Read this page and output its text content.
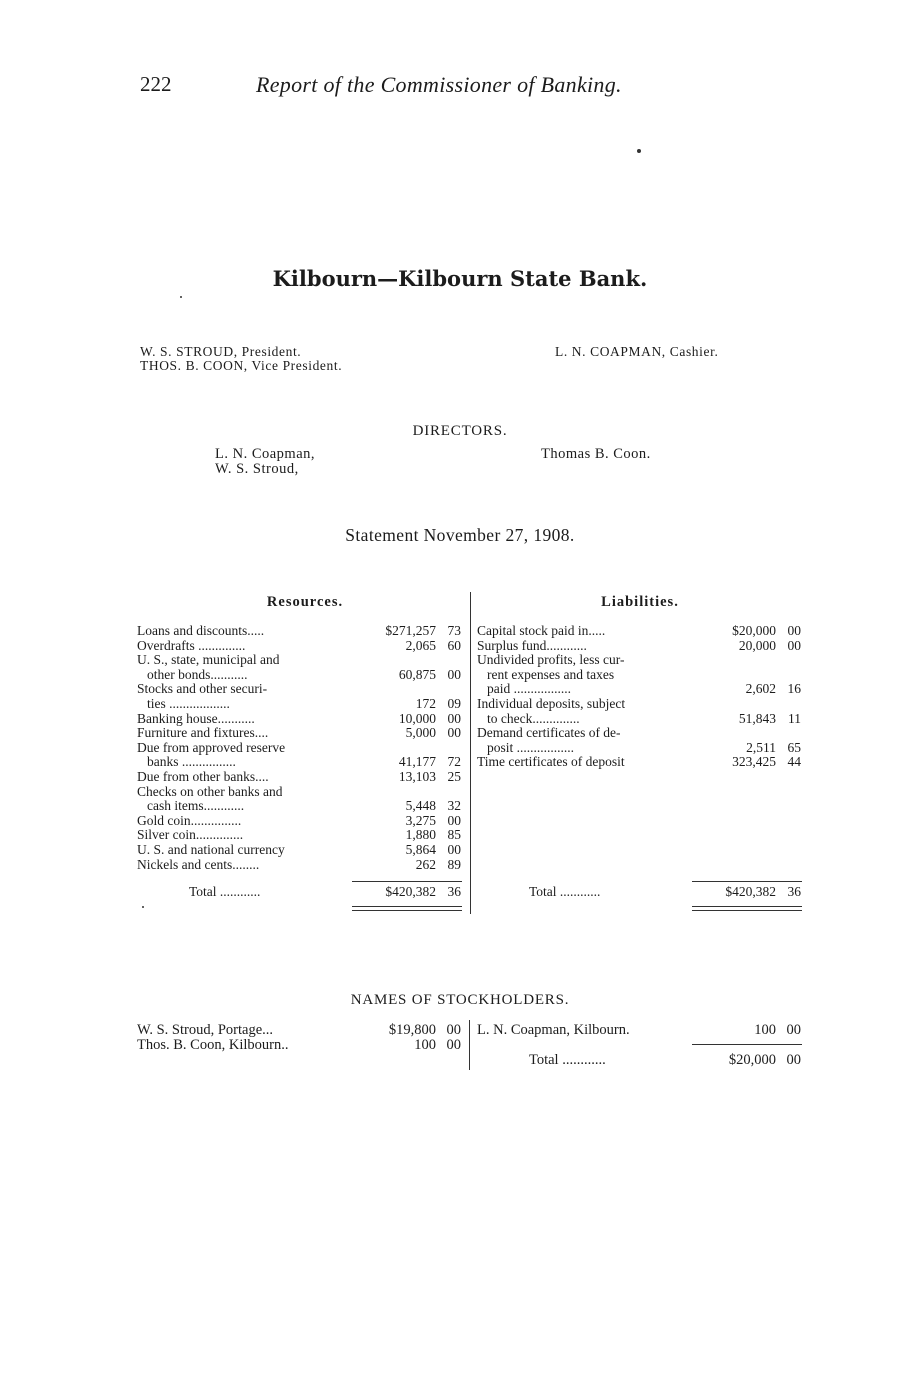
222	Report of the Commissioner of Banking.
Kilbourn—Kilbourn State Bank.
W. S. STROUD, President.
THOS. B. COON, Vice President.
L. N. COAPMAN, Cashier.
DIRECTORS.
L. N. Coapman,
W. S. Stroud,
Thomas B. Coon.
Statement November 27, 1908.
Resources.	Liabilities.
Loans and discounts.....	$271,257 73
Overdrafts ..............	2,065 60
U. S., state, municipal and
other bonds...........	60,875 00
Stocks and other securi-
ties ..................	172 09
Banking house...........	10,000 00
Furniture and fixtures....	5,000 00
Due from approved reserve
banks ................	41,177 72
Due from other banks....	13,103 25
Checks on other banks and
cash items............	5,448 32
Gold coin...............	3,275 00
Silver coin..............	1,880 85
U. S. and national currency	5,864 00
Nickels and cents........	262 89
Capital stock paid in.....	$20,000 00
Surplus fund............	20,000 00
Undivided profits, less cur-
rent expenses and taxes
paid .................	2,602 16
Individual deposits, subject
to check..............	51,843 11
Demand certificates of de-
posit .................	2,511 65
Time certificates of deposit	323,425 44
Total ............	$420,382 36	Total ............	$420,382 36
NAMES OF STOCKHOLDERS.
W. S. Stroud, Portage...	$19,800 00
Thos. B. Coon, Kilbourn..	100 00
L. N. Coapman, Kilbourn.	100 00
Total ............	$20,000 00
